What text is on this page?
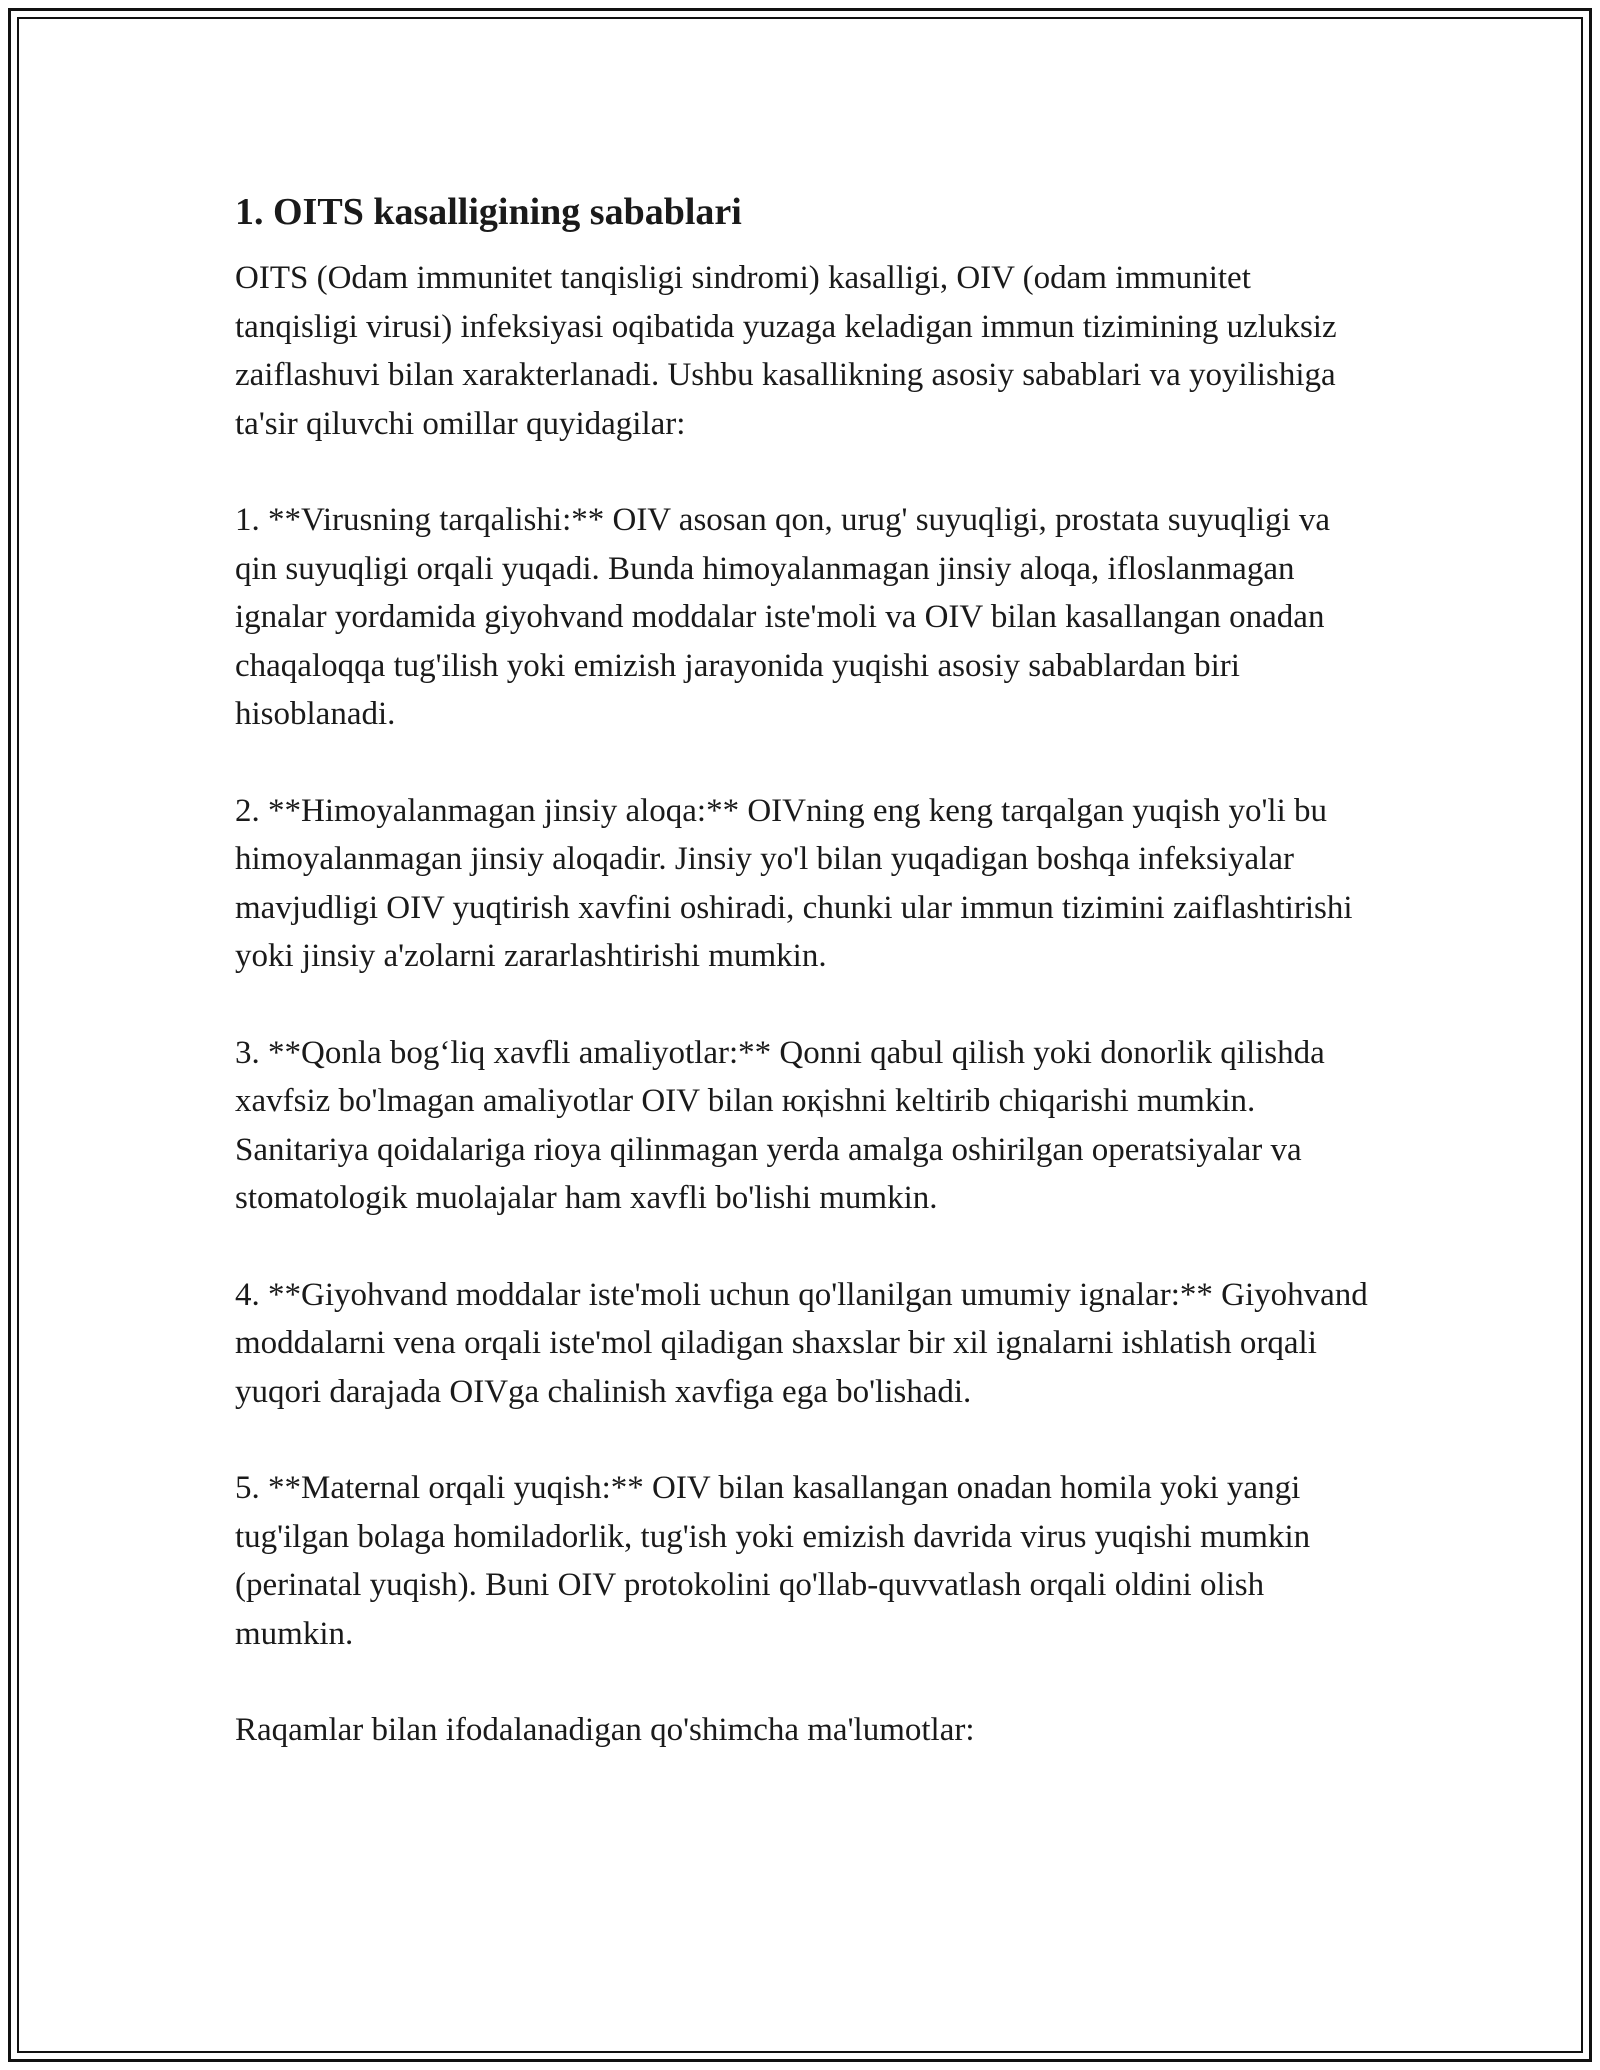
1. OITS kasalligining sabablari

OITS (Odam immunitet tanqisligi sindromi) kasalligi, OIV (odam immunitet tanqisligi virusi) infeksiyasi oqibatida yuzaga keladigan immun tizimining uzluksiz zaiflashuvi bilan xarakterlanadi. Ushbu kasallikning asosiy sabablari va yoyilishiga ta'sir qiluvchi omillar quyidagilar:

1. **Virusning tarqalishi:** OIV asosan qon, urug' suyuqligi, prostata suyuqligi va qin suyuqligi orqali yuqadi. Bunda himoyalanmagan jinsiy aloqa, ifloslanmagan ignalar yordamida giyohvand moddalar iste'moli va OIV bilan kasallangan onadan chaqaloqqa tug'ilish yoki emizish jarayonida yuqishi asosiy sabablardan biri hisoblanadi.

2. **Himoyalanmagan jinsiy aloqa:** OIVning eng keng tarqalgan yuqish yo'li bu himoyalanmagan jinsiy aloqadir. Jinsiy yo'l bilan yuqadigan boshqa infeksiyalar mavjudligi OIV yuqtirish xavfini oshiradi, chunki ular immun tizimini zaiflashtirishi yoki jinsiy a'zolarni zararlashtirishi mumkin.

3. **Qonla bog‘liq xavfli amaliyotlar:** Qonni qabul qilish yoki donorlik qilishda xavfsiz bo'lmagan amaliyotlar OIV bilan юқishni keltirib chiqarishi mumkin. Sanitariya qoidalariga rioya qilinmagan yerda amalga oshirilgan operatsiyalar va stomatologik muolajalar ham xavfli bo'lishi mumkin.

4. **Giyohvand moddalar iste'moli uchun qo'llanilgan umumiy ignalar:** Giyohvand moddalarni vena orqali iste'mol qiladigan shaxslar bir xil ignalarni ishlatish orqali yuqori darajada OIVga chalinish xavfiga ega bo'lishadi.

5. **Maternal orqali yuqish:** OIV bilan kasallangan onadan homila yoki yangi tug'ilgan bolaga homiladorlik, tug'ish yoki emizish davrida virus yuqishi mumkin (perinatal yuqish). Buni OIV protokolini qo'llab-quvvatlash orqali oldini olish mumkin.

Raqamlar bilan ifodalanadigan qo'shimcha ma'lumotlar:
